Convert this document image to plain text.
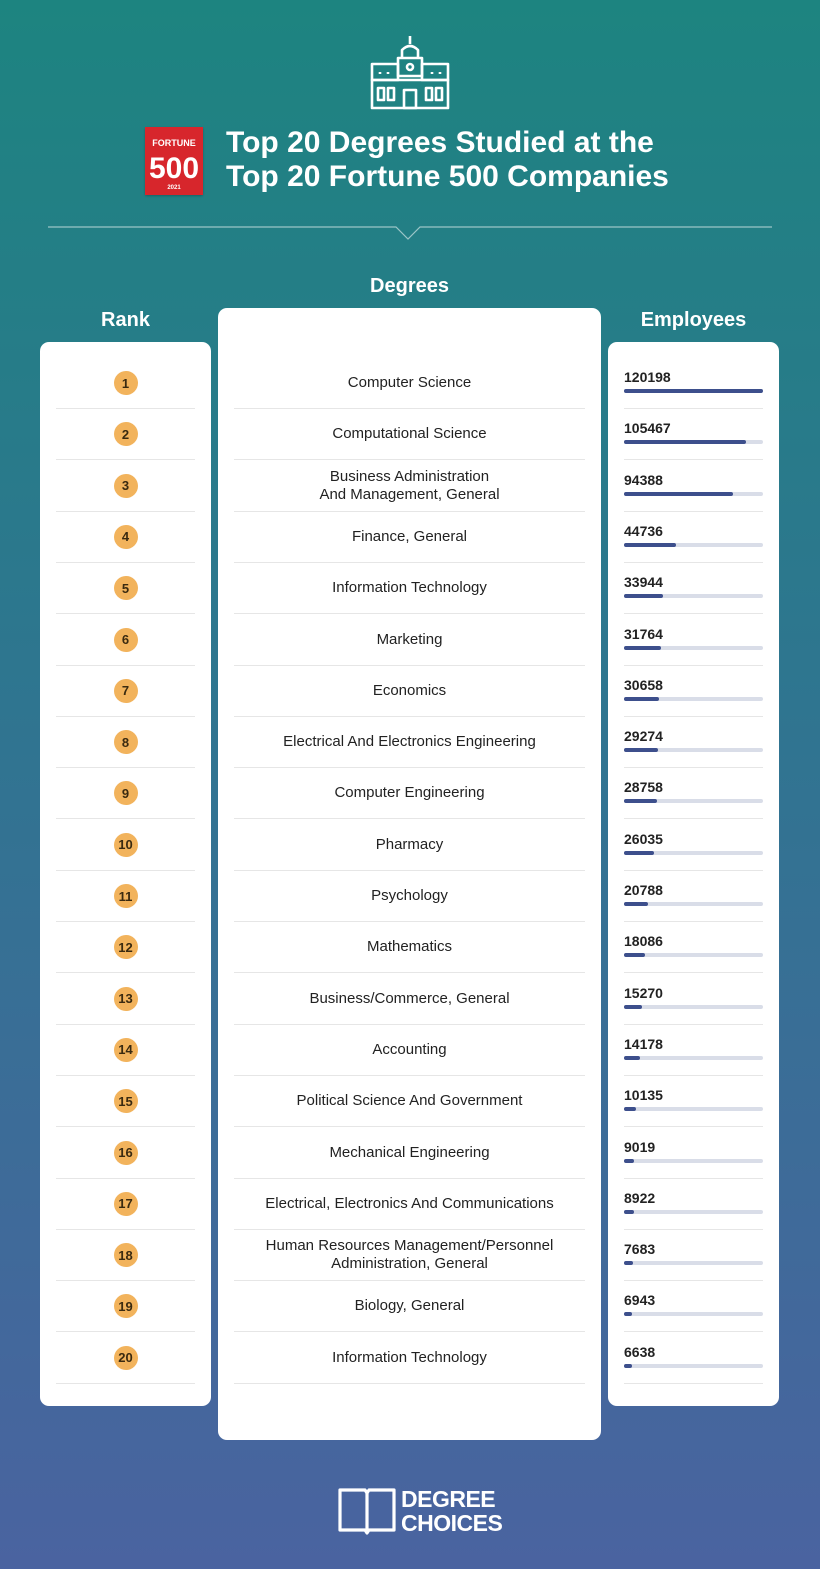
FORTUNE
500
2021
Top 20 Degrees Studied at the
Top 20 Fortune 500 Companies
Rank
Degrees
Employees
1
2
3
4
5
6
7
8
9
10
11
12
13
14
15
16
17
18
19
20
Computer Science
Computational Science
Business Administration
And Management, General
Finance, General
Information Technology
Marketing
Economics
Electrical And Electronics Engineering
Computer Engineering
Pharmacy
Psychology
Mathematics
Business/Commerce, General
Accounting
Political Science And Government
Mechanical Engineering
Electrical, Electronics And Communications
Human Resources Management/Personnel
Administration, General
Biology, General
Information Technology
120198
105467
94388
44736
33944
31764
30658
29274
28758
26035
20788
18086
15270
14178
10135
9019
8922
7683
6943
6638
DEGREE
CHOICES
